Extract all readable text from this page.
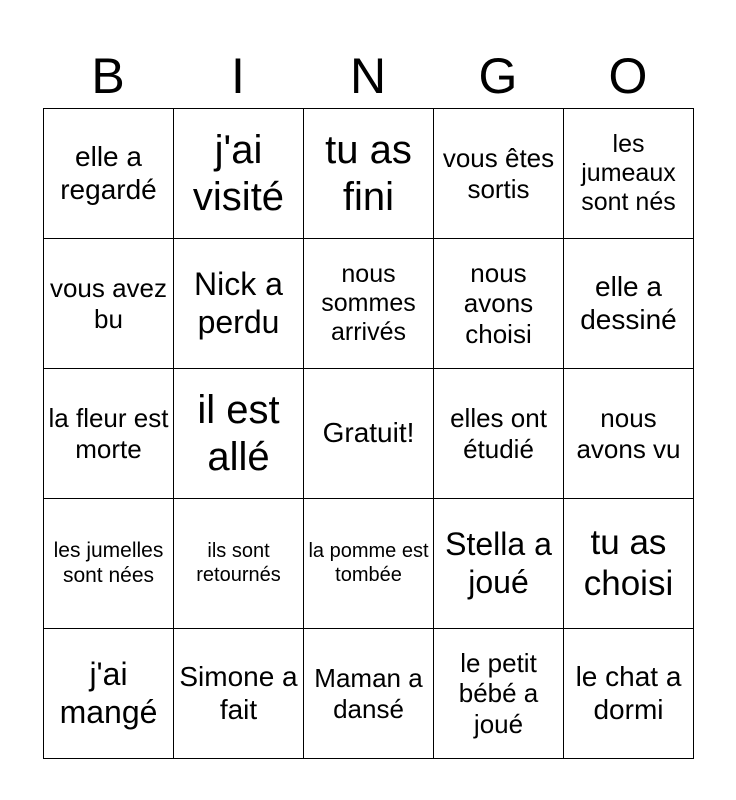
B	I	N	G	O
elle a regardé	j'ai visité	tu as fini	vous êtes sortis	les jumeaux sont nés
vous avez bu	Nick a perdu	nous sommes arrivés	nous avons choisi	elle a dessiné
la fleur est morte	il est allé	Gratuit!	elles ont étudié	nous avons vu
les jumelles sont nées	ils sont retournés	la pomme est tombée	Stella a joué	tu as choisi
j'ai mangé	Simone a fait	Maman a dansé	le petit bébé a joué	le chat a dormi
